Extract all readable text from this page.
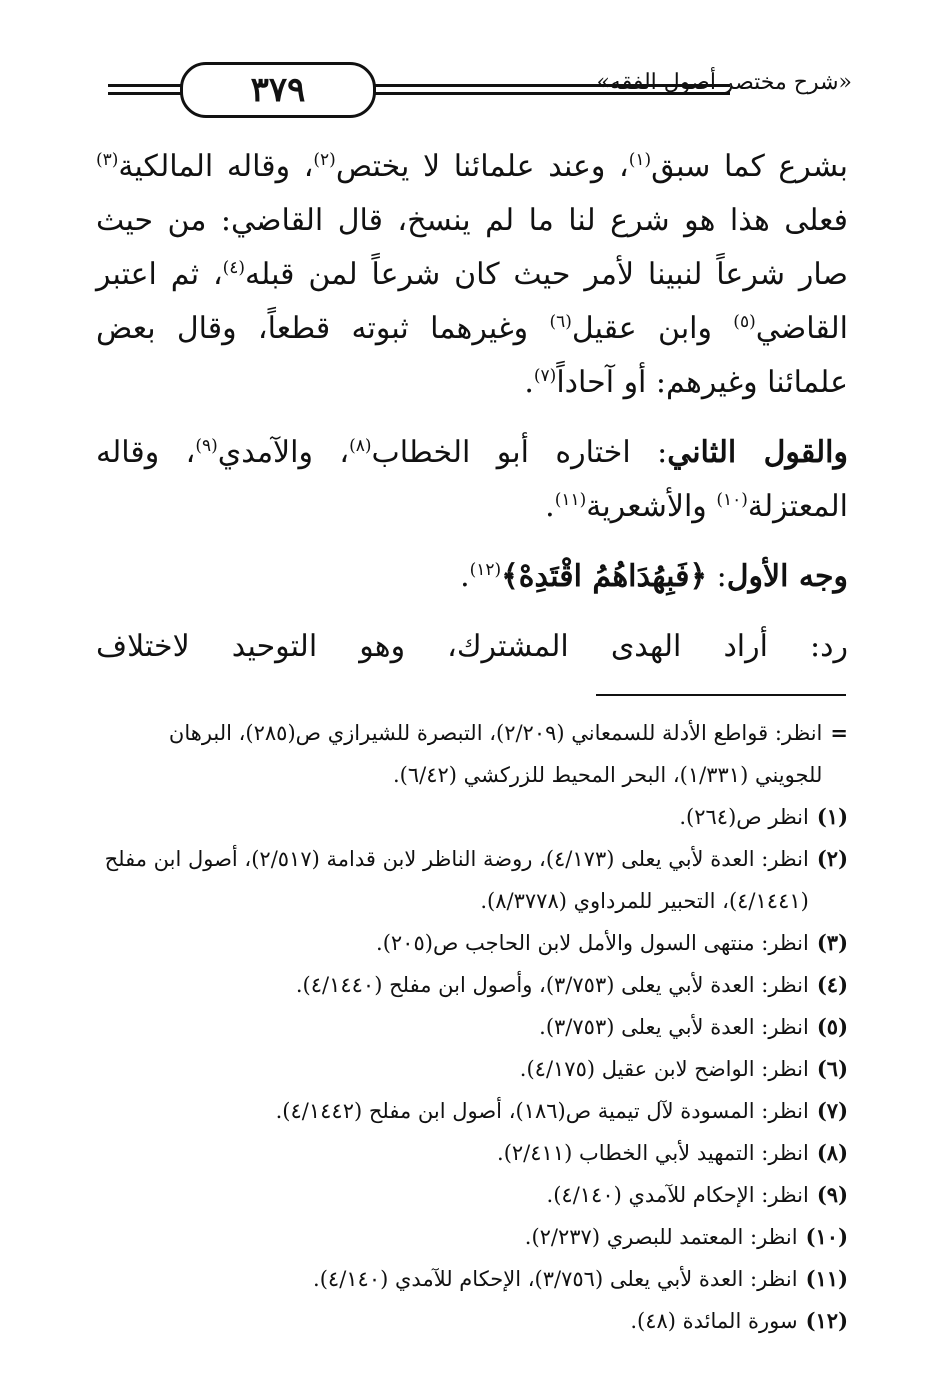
٣٧٩	«شرح مختصر أصول الفقه»

بشرع كما سبق$^{(١)}$، وعند علمائنا لا يختص$^{(٢)}$، وقاله المالكية$^{(٣)}$ فعلى هذا هو شرع لنا ما لم ينسخ، قال القاضي: من حيث صار شرعاً لنبينا لأمر حيث كان شرعاً لمن قبله$^{(٤)}$، ثم اعتبر القاضي$^{(٥)}$ وابن عقيل$^{(٦)}$ وغيرهما ثبوته قطعاً، وقال بعض علمائنا وغيرهم: أو آحاداً$^{(٧)}$.

والقول الثاني: اختاره أبو الخطاب$^{(٨)}$، والآمدي$^{(٩)}$، وقاله المعتزلة$^{(١٠)}$ والأشعرية$^{(١١)}$.

وجه الأول: ﴿فَبِهُدَاهُمُ اقْتَدِهْ﴾$^{(١٢)}$.

رد: أراد الهدى المشترك، وهو التوحيد لاختلاف

=
انظر: قواطع الأدلة للسمعاني (٢/٢٠٩)، التبصرة للشيرازي ص(٢٨٥)، البرهان للجويني (١/٣٣١)، البحر المحيط للزركشي (٦/٤٢).
(١)
انظر ص(٢٦٤).
(٢)
انظر: العدة لأبي يعلى (٤/١٧٣)، روضة الناظر لابن قدامة (٢/٥١٧)، أصول ابن مفلح (٤/١٤٤١)، التحبير للمرداوي (٨/٣٧٧٨).
(٣)
انظر: منتهى السول والأمل لابن الحاجب ص(٢٠٥).
(٤)
انظر: العدة لأبي يعلى (٣/٧٥٣)، وأصول ابن مفلح (٤/١٤٤٠).
(٥)
انظر: العدة لأبي يعلى (٣/٧٥٣).
(٦)
انظر: الواضح لابن عقيل (٤/١٧٥).
(٧)
انظر: المسودة لآل تيمية ص(١٨٦)، أصول ابن مفلح (٤/١٤٤٢).
(٨)
انظر: التمهيد لأبي الخطاب (٢/٤١١).
(٩)
انظر: الإحكام للآمدي (٤/١٤٠).
(١٠)
انظر: المعتمد للبصري (٢/٢٣٧).
(١١)
انظر: العدة لأبي يعلى (٣/٧٥٦)، الإحكام للآمدي (٤/١٤٠).
(١٢)
سورة المائدة (٤٨).
